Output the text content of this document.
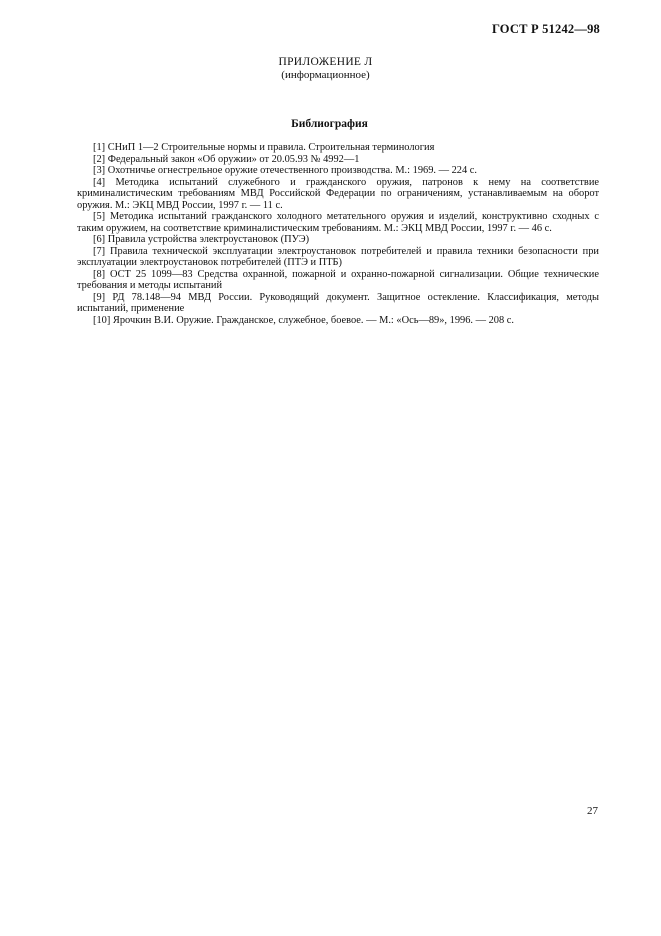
ГОСТ Р 51242—98
ПРИЛОЖЕНИЕ Л
(информационное)
Библиография

[1] СНиП 1—2 Строительные нормы и правила. Строительная терминология

[2] Федеральный закон «Об оружии» от 20.05.93 № 4992—1

[3] Охотничье огнестрельное оружие отечественного производства. М.: 1969. — 224 с.

[4] Методика испытаний служебного и гражданского оружия, патронов к нему на соответствие криминалистическим требованиям МВД Российской Федерации по ограничениям, устанавливаемым на оборот оружия. М.: ЭКЦ МВД России, 1997 г. — 11 с.

[5] Методика испытаний гражданского холодного метательного оружия и изделий, конструктивно сходных с таким оружием, на соответствие криминалистическим требованиям. М.: ЭКЦ МВД России, 1997 г. — 46 с.

[6] Правила устройства электроустановок (ПУЭ)

[7] Правила технической эксплуатации электроустановок потребителей и правила техники безопасности при эксплуатации электроустановок потребителей (ПТЭ и ПТБ)

[8] ОСТ 25 1099—83 Средства охранной, пожарной и охранно-пожарной сигнализации. Общие технические требования и методы испытаний

[9] РД 78.148—94 МВД России. Руководящий документ. Защитное остекление. Классификация, методы испытаний, применение

[10] Ярочкин В.И. Оружие. Гражданское, служебное, боевое. — М.: «Ось—89», 1996. — 208 с.

27
